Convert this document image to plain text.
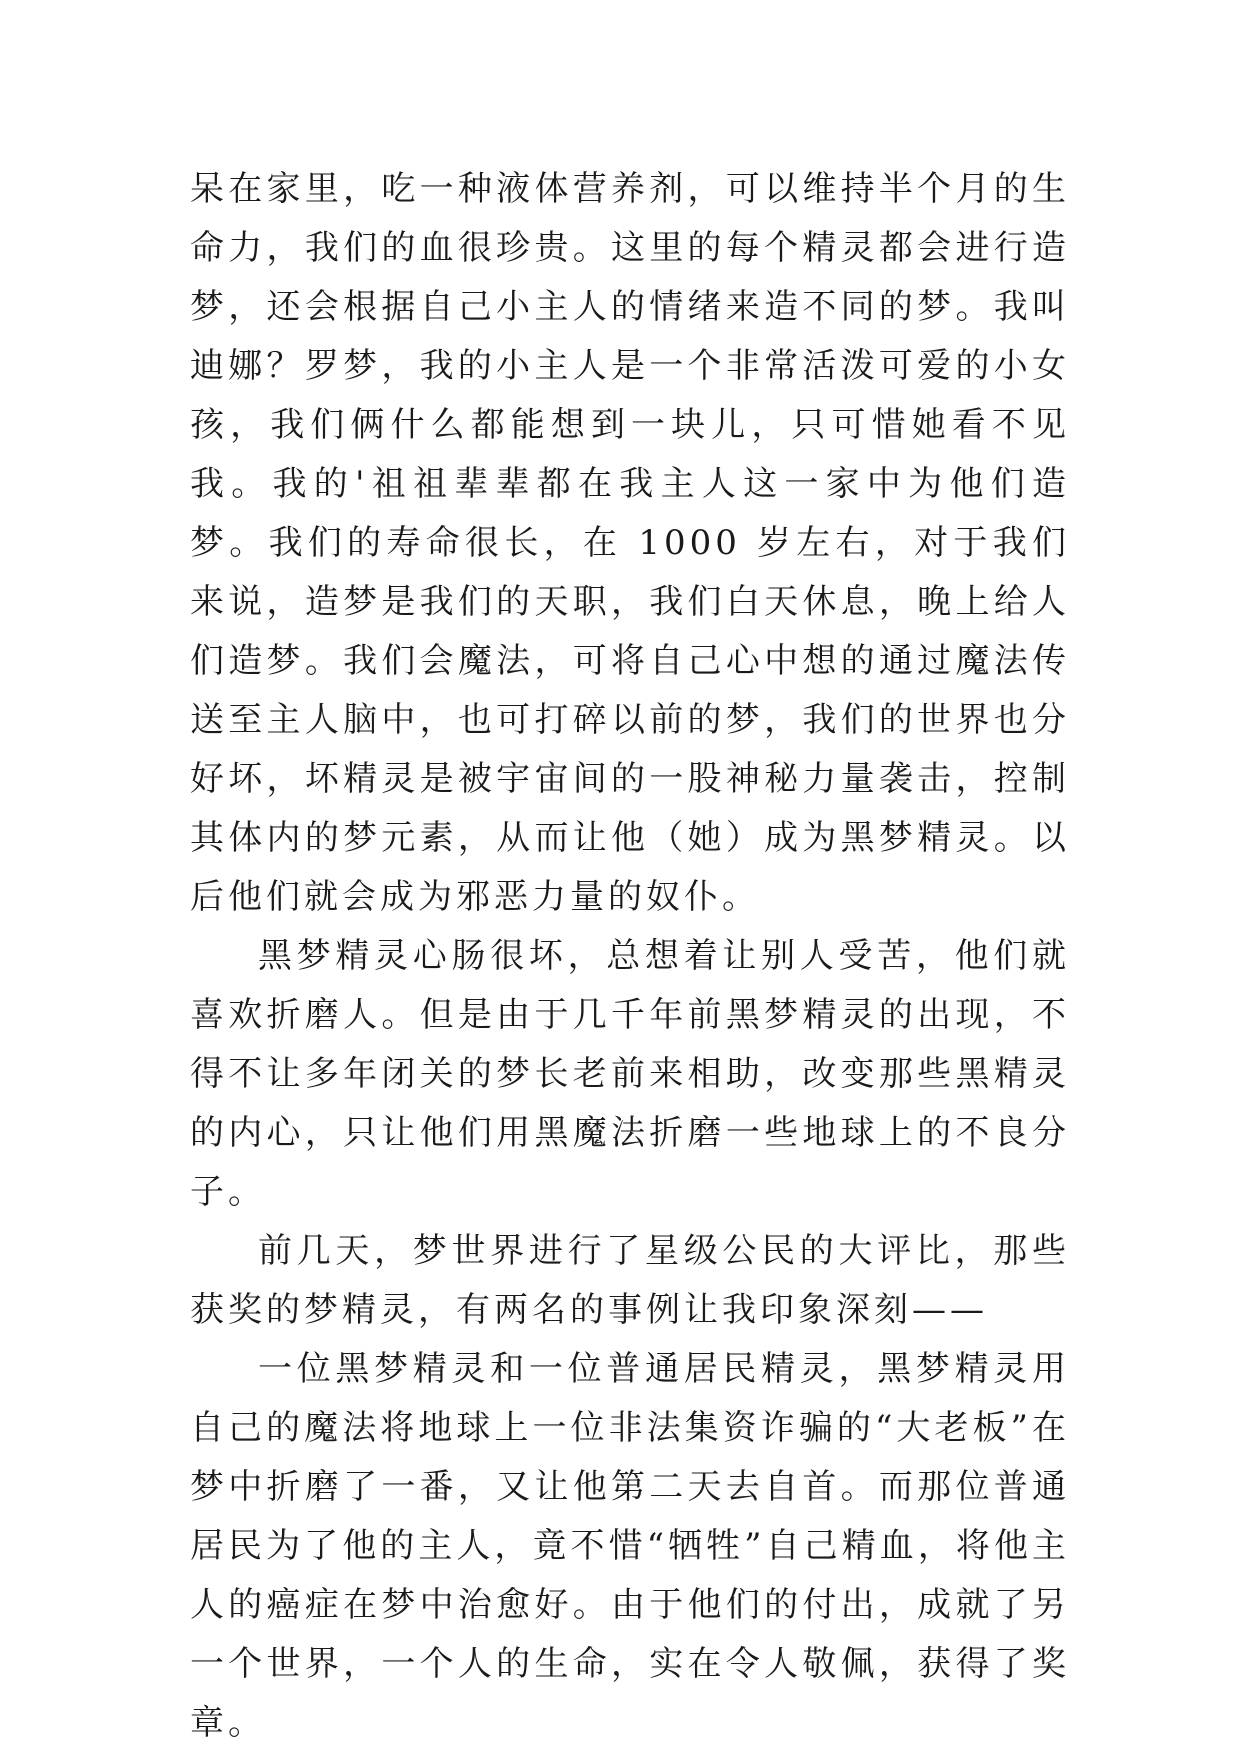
呆在家里，吃一种液体营养剂，可以维持半个月的生命力，我们的血很珍贵。这里的每个精灵都会进行造梦，还会根据自己小主人的情绪来造不同的梦。我叫迪娜？罗梦，我的小主人是一个非常活泼可爱的小女孩，我们俩什么都能想到一块儿，只可惜她看不见我。我的'祖祖辈辈都在我主人这一家中为他们造梦。我们的寿命很长，在 1000 岁左右，对于我们来说，造梦是我们的天职，我们白天休息，晚上给人们造梦。我们会魔法，可将自己心中想的通过魔法传送至主人脑中，也可打碎以前的梦，我们的世界也分好坏，坏精灵是被宇宙间的一股神秘力量袭击，控制其体内的梦元素，从而让他（她）成为黑梦精灵。以后他们就会成为邪恶力量的奴仆。

黑梦精灵心肠很坏，总想着让别人受苦，他们就喜欢折磨人。但是由于几千年前黑梦精灵的出现，不得不让多年闭关的梦长老前来相助，改变那些黑精灵的内心，只让他们用黑魔法折磨一些地球上的不良分子。

前几天，梦世界进行了星级公民的大评比，那些获奖的梦精灵，有两名的事例让我印象深刻——

一位黑梦精灵和一位普通居民精灵，黑梦精灵用自己的魔法将地球上一位非法集资诈骗的“大老板”在梦中折磨了一番，又让他第二天去自首。而那位普通居民为了他的主人，竟不惜“牺牲”自己精血，将他主人的癌症在梦中治愈好。由于他们的付出，成就了另一个世界，一个人的生命，实在令人敬佩，获得了奖章。
